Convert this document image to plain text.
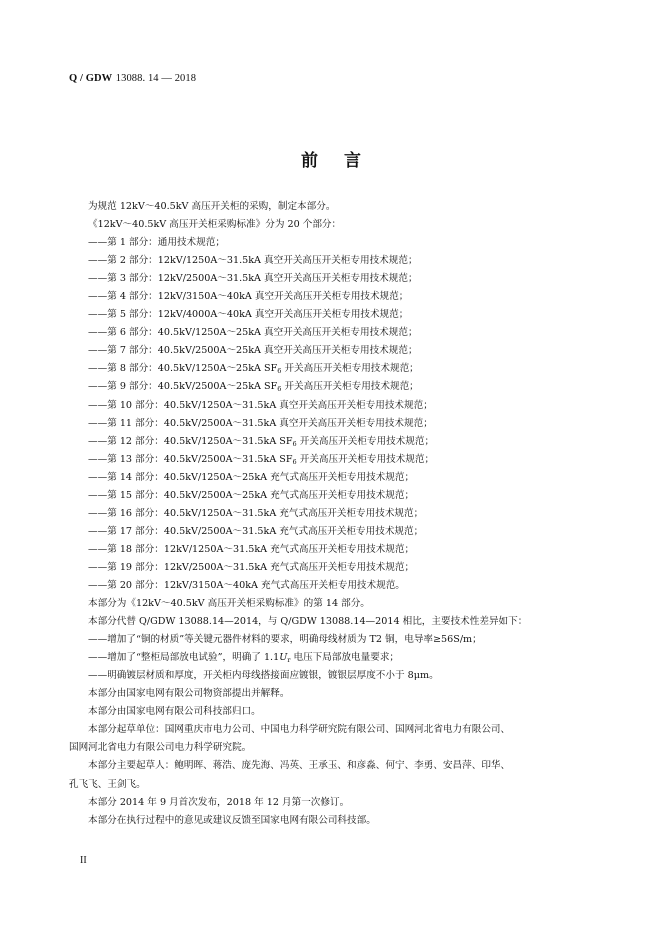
Q / GDW 13088. 14 — 2018
前言
为规范 12kV～40.5kV 高压开关柜的采购，制定本部分。
《12kV～40.5kV 高压开关柜采购标准》分为 20 个部分：
——第 1 部分：通用技术规范；
——第 2 部分：12kV/1250A～31.5kA 真空开关高压开关柜专用技术规范；
——第 3 部分：12kV/2500A～31.5kA 真空开关高压开关柜专用技术规范；
——第 4 部分：12kV/3150A～40kA 真空开关高压开关柜专用技术规范；
——第 5 部分：12kV/4000A～40kA 真空开关高压开关柜专用技术规范；
——第 6 部分：40.5kV/1250A～25kA 真空开关高压开关柜专用技术规范；
——第 7 部分：40.5kV/2500A～25kA 真空开关高压开关柜专用技术规范；
——第 8 部分：40.5kV/1250A～25kA $SF_6$ 开关高压开关柜专用技术规范；
——第 9 部分：40.5kV/2500A～25kA $SF_6$ 开关高压开关柜专用技术规范；
——第 10 部分：40.5kV/1250A～31.5kA 真空开关高压开关柜专用技术规范；
——第 11 部分：40.5kV/2500A～31.5kA 真空开关高压开关柜专用技术规范；
——第 12 部分：40.5kV/1250A～31.5kA $SF_6$ 开关高压开关柜专用技术规范；
——第 13 部分：40.5kV/2500A～31.5kA $SF_6$ 开关高压开关柜专用技术规范；
——第 14 部分：40.5kV/1250A～25kA 充气式高压开关柜专用技术规范；
——第 15 部分：40.5kV/2500A～25kA 充气式高压开关柜专用技术规范；
——第 16 部分：40.5kV/1250A～31.5kA 充气式高压开关柜专用技术规范；
——第 17 部分：40.5kV/2500A～31.5kA 充气式高压开关柜专用技术规范；
——第 18 部分：12kV/1250A～31.5kA 充气式高压开关柜专用技术规范；
——第 19 部分：12kV/2500A～31.5kA 充气式高压开关柜专用技术规范；
——第 20 部分：12kV/3150A～40kA 充气式高压开关柜专用技术规范。
本部分为《12kV～40.5kV 高压开关柜采购标准》的第 14 部分。
本部分代替 Q/GDW 13088.14—2014，与 Q/GDW 13088.14—2014 相比，主要技术性差异如下：
——增加了“铜的材质”等关键元器件材料的要求，明确母线材质为 T2 铜，电导率≥56S/m；
——增加了“整柜局部放电试验”，明确了 $1.1U_r$ 电压下局部放电量要求；
——明确镀层材质和厚度，开关柜内母线搭接面应镀银，镀银层厚度不小于 8μm。
本部分由国家电网有限公司物资部提出并解释。
本部分由国家电网有限公司科技部归口。
本部分起草单位：国网重庆市电力公司、中国电力科学研究院有限公司、国网河北省电力有限公司、
国网河北省电力有限公司电力科学研究院。
本部分主要起草人：鲍明晖、蒋浩、庞先海、冯英、王承玉、和彦淼、何宁、李勇、安昌萍、印华、
孔飞飞、王剑飞。
本部分 2014 年 9 月首次发布，2018 年 12 月第一次修订。
本部分在执行过程中的意见或建议反馈至国家电网有限公司科技部。
II
